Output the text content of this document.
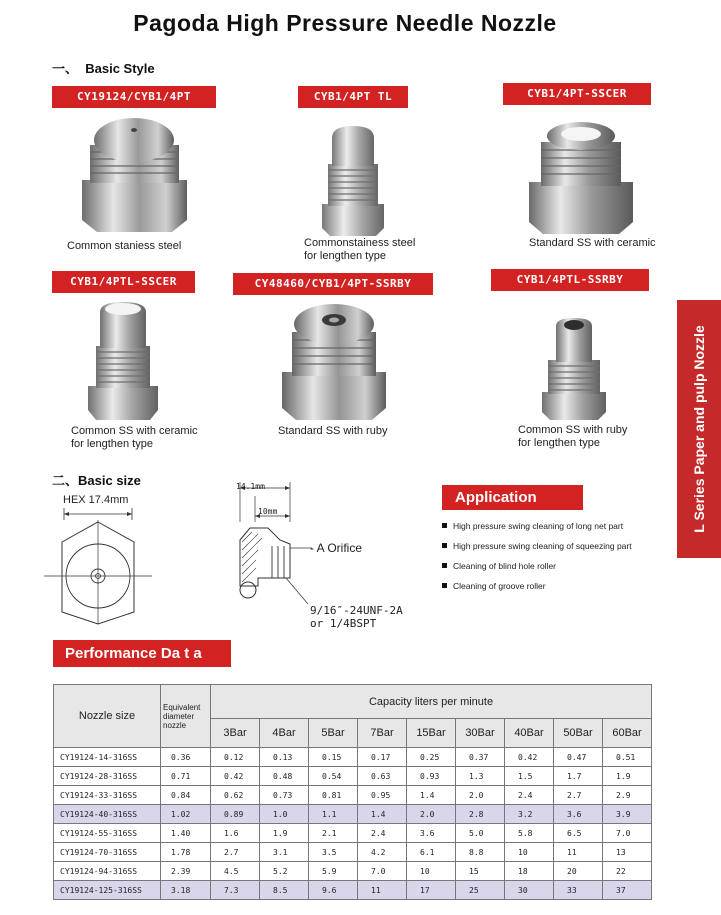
Pagoda High Pressure Needle Nozzle
L Series Paper and pulp Nozzle
一、 Basic Style
CY19124/CYB1/4PT	CYB1/4PT TL	CYB1/4PT-SSCER
CYB1/4PTL-SSCER	CY48460/CYB1/4PT-SSRBY	CYB1/4PTL-SSRBY
Common staniess steel	Commonstainess steel
for lengthen type
Standard SS with ceramic
Common SS with ceramic
for lengthen type
Standard SS with ruby	Common SS with ruby
for lengthen type
二、Basic size
HEX 17.4mm
14.1mm
10mm
- A Orifice
9/16″-24UNF-2A
or 1/4BSPT
Application
High pressure swing cleaning of long net part
High pressure swing cleaning of squeezing part
Cleaning of blind hole roller
Cleaning of groove roller
Performance Da t a
Nozzle size	Equivalent
diameter
nozzle	Capacity liters per minute								
		3Bar	4Bar	5Bar	7Bar	15Bar	30Bar	40Bar	50Bar	60Bar
CY19124-14-316SS	0.36	0.12	0.13	0.15	0.17	0.25	0.37	0.42	0.47	0.51
CY19124-28-316SS	0.71	0.42	0.48	0.54	0.63	0.93	1.3	1.5	1.7	1.9
CY19124-33-316SS	0.84	0.62	0.73	0.81	0.95	1.4	2.0	2.4	2.7	2.9
CY19124-40-316SS	1.02	0.89	1.0	1.1	1.4	2.0	2.8	3.2	3.6	3.9
CY19124-55-316SS	1.40	1.6	1.9	2.1	2.4	3.6	5.0	5.8	6.5	7.0
CY19124-70-316SS	1.78	2.7	3.1	3.5	4.2	6.1	8.8	10	11	13
CY19124-94-316SS	2.39	4.5	5.2	5.9	7.0	10	15	18	20	22
CY19124-125-316SS	3.18	7.3	8.5	9.6	11	17	25	30	33	37
